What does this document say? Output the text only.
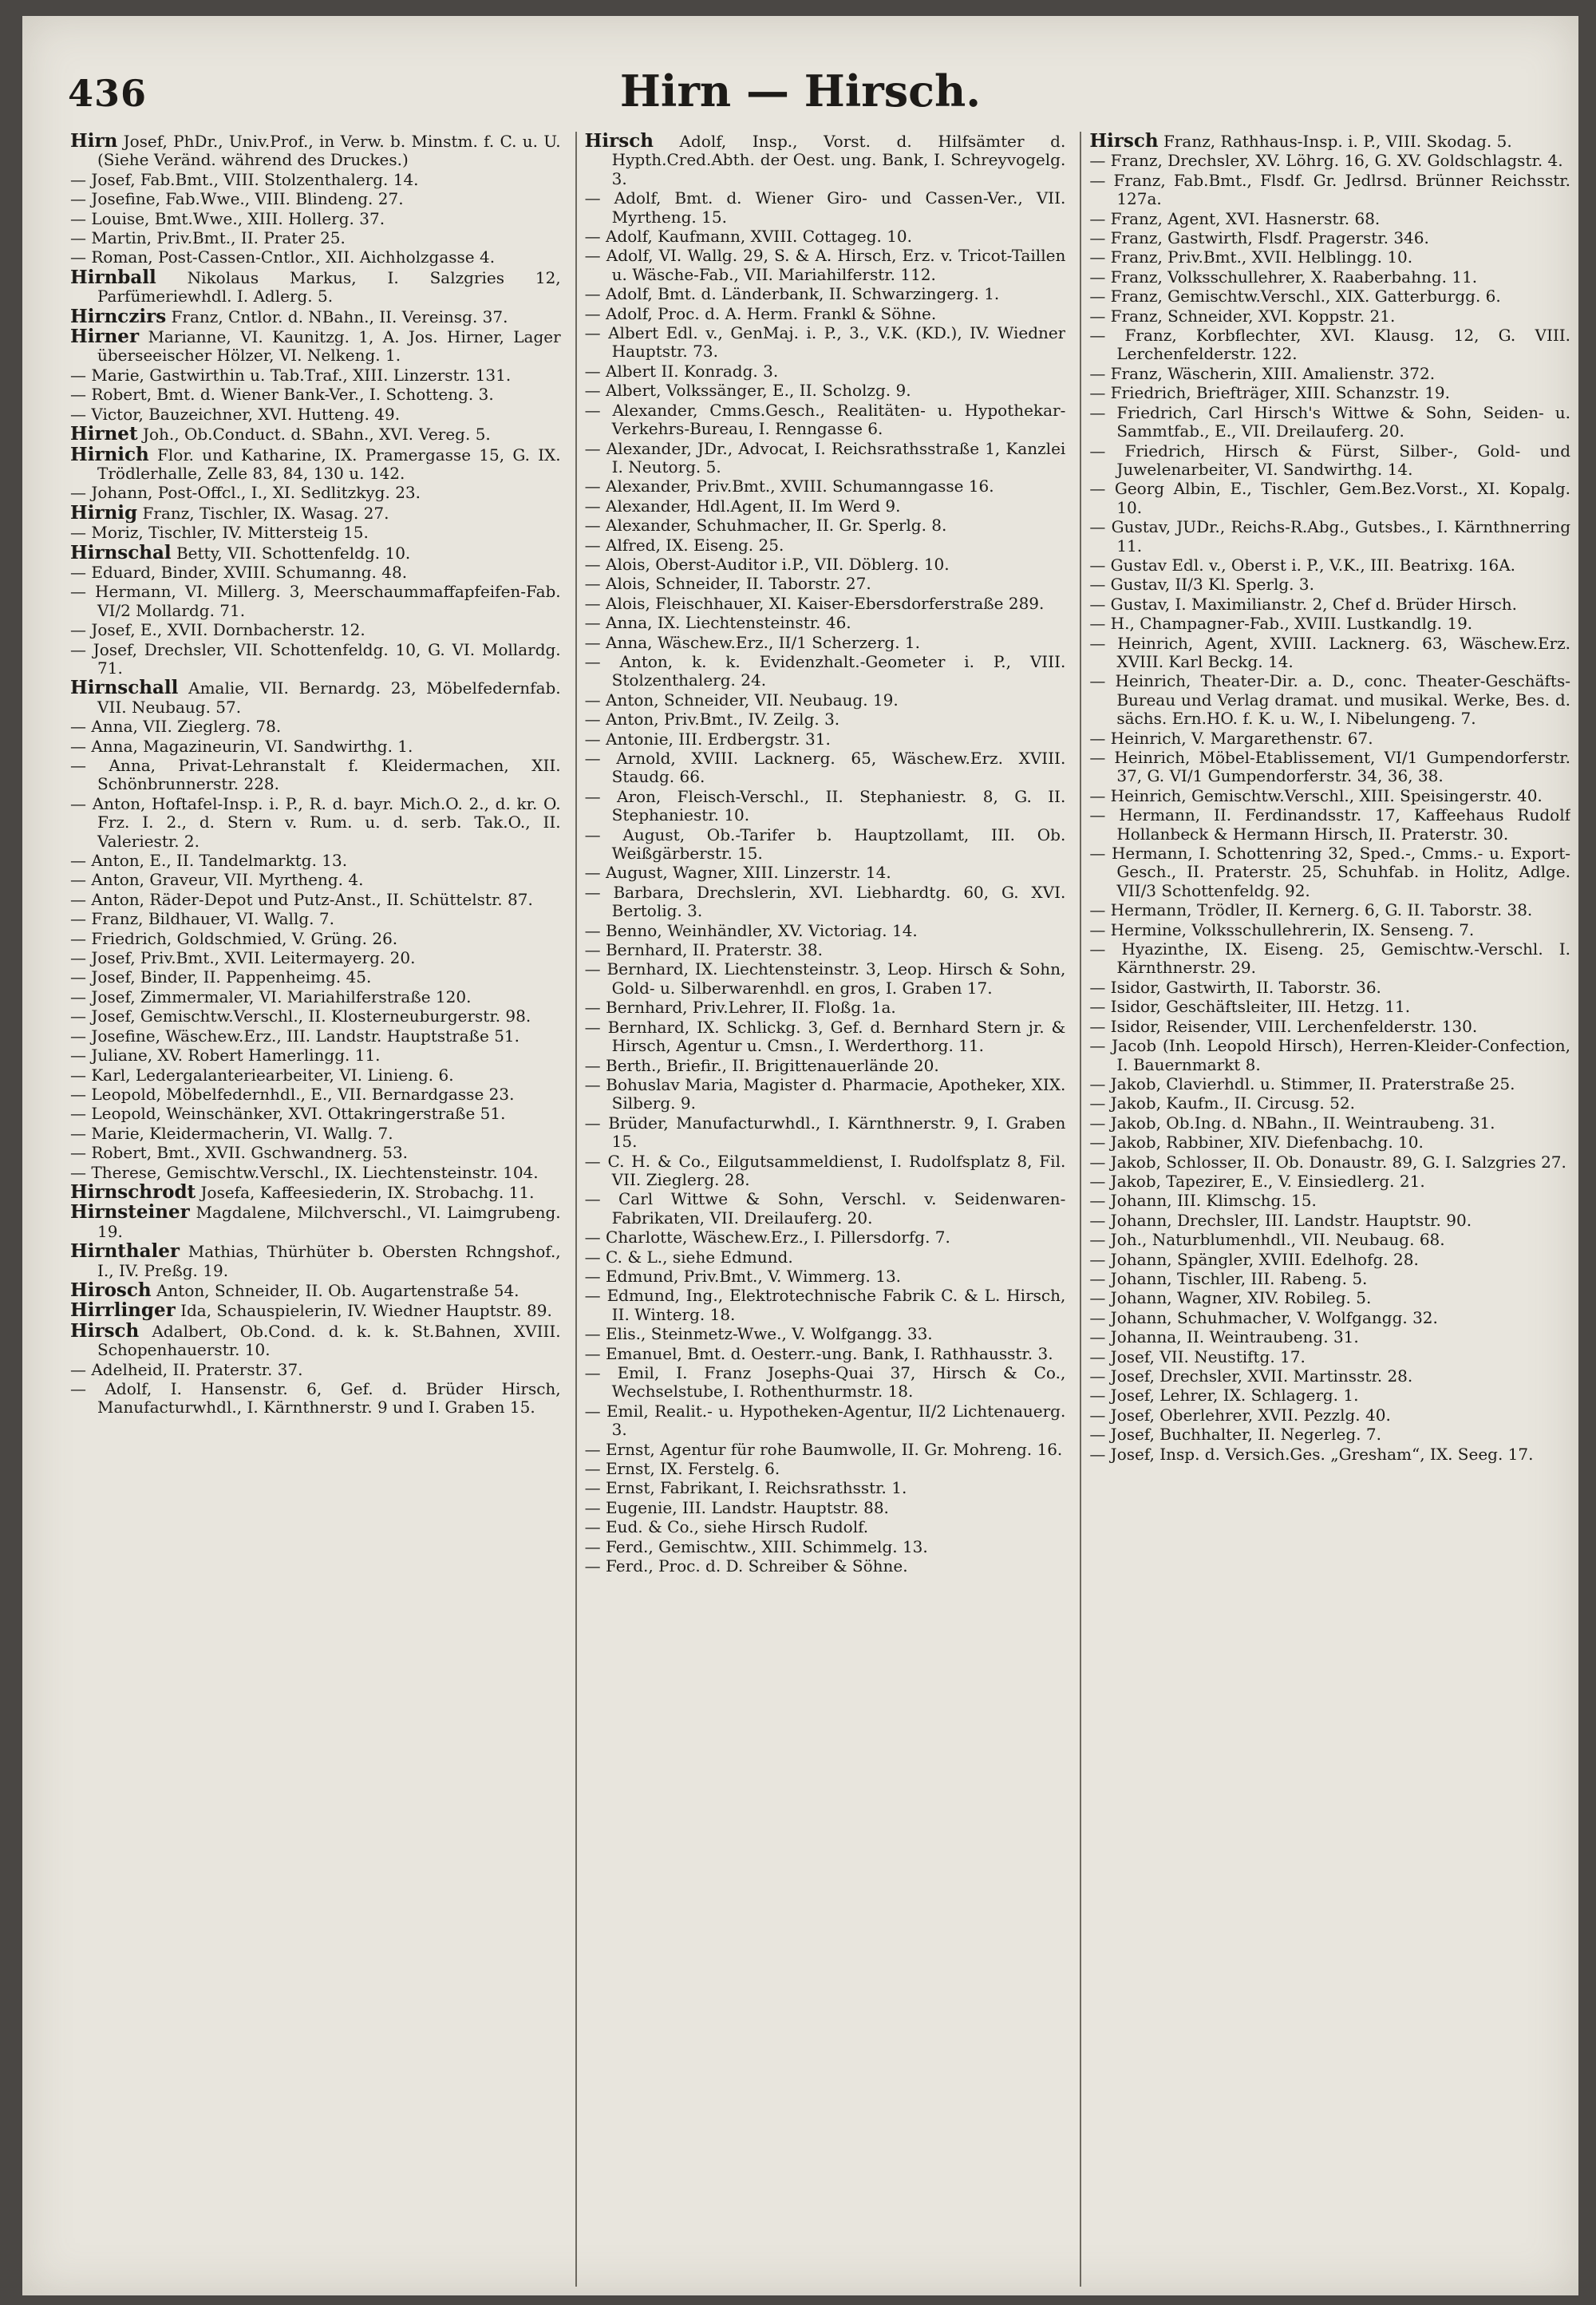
436	Hirn — Hirsch.
Hirn Josef, PhDr., Univ.Prof., in Verw. b. Minstm. f. C. u. U. (Siehe Veränd. während des Druckes.)
— Josef, Fab.Bmt., VIII. Stolzenthalerg. 14.
— Josefine, Fab.Wwe., VIII. Blindeng. 27.
— Louise, Bmt.Wwe., XIII. Hollerg. 37.
— Martin, Priv.Bmt., II. Prater 25.
— Roman, Post-Cassen-Cntlor., XII. Aichholzgasse 4.
Hirnball Nikolaus Markus, I. Salzgries 12, Parfümeriewhdl. I. Adlerg. 5.
Hirnczirs Franz, Cntlor. d. NBahn., II. Vereinsg. 37.
Hirner Marianne, VI. Kaunitzg. 1, A. Jos. Hirner, Lager überseeischer Hölzer, VI. Nelkeng. 1.
— Marie, Gastwirthin u. Tab.Traf., XIII. Linzerstr. 131.
— Robert, Bmt. d. Wiener Bank-Ver., I. Schotteng. 3.
— Victor, Bauzeichner, XVI. Hutteng. 49.
Hirnet Joh., Ob.Conduct. d. SBahn., XVI. Vereg. 5.
Hirnich Flor. und Katharine, IX. Pramergasse 15, G. IX. Trödlerhalle, Zelle 83, 84, 130 u. 142.
— Johann, Post-Offcl., I., XI. Sedlitzkyg. 23.
Hirnig Franz, Tischler, IX. Wasag. 27.
— Moriz, Tischler, IV. Mittersteig 15.
Hirnschal Betty, VII. Schottenfeldg. 10.
— Eduard, Binder, XVIII. Schumanng. 48.
— Hermann, VI. Millerg. 3, Meerschaummaffapfeifen-Fab. VI/2 Mollardg. 71.
— Josef, E., XVII. Dornbacherstr. 12.
— Josef, Drechsler, VII. Schottenfeldg. 10, G. VI. Mollardg. 71.
Hirnschall Amalie, VII. Bernardg. 23, Möbelfedernfab. VII. Neubaug. 57.
— Anna, VII. Zieglerg. 78.
— Anna, Magazineurin, VI. Sandwirthg. 1.
— Anna, Privat-Lehranstalt f. Kleidermachen, XII. Schönbrunnerstr. 228.
— Anton, Hoftafel-Insp. i. P., R. d. bayr. Mich.O. 2., d. kr. O. Frz. I. 2., d. Stern v. Rum. u. d. serb. Tak.O., II. Valeriestr. 2.
— Anton, E., II. Tandelmarktg. 13.
— Anton, Graveur, VII. Myrtheng. 4.
— Anton, Räder-Depot und Putz-Anst., II. Schüttelstr. 87.
— Franz, Bildhauer, VI. Wallg. 7.
— Friedrich, Goldschmied, V. Grüng. 26.
— Josef, Priv.Bmt., XVII. Leitermayerg. 20.
— Josef, Binder, II. Pappenheimg. 45.
— Josef, Zimmermaler, VI. Mariahilferstraße 120.
— Josef, Gemischtw.Verschl., II. Klosterneuburgerstr. 98.
— Josefine, Wäschew.Erz., III. Landstr. Hauptstraße 51.
— Juliane, XV. Robert Hamerlingg. 11.
— Karl, Ledergalanteriearbeiter, VI. Linieng. 6.
— Leopold, Möbelfedernhdl., E., VII. Bernardgasse 23.
— Leopold, Weinschänker, XVI. Ottakringerstraße 51.
— Marie, Kleidermacherin, VI. Wallg. 7.
— Robert, Bmt., XVII. Gschwandnerg. 53.
— Therese, Gemischtw.Verschl., IX. Liechtensteinstr. 104.
Hirnschrodt Josefa, Kaffeesiederin, IX. Strobachg. 11.
Hirnsteiner Magdalene, Milchverschl., VI. Laimgrubeng. 19.
Hirnthaler Mathias, Thürhüter b. Obersten Rchngshof., I., IV. Preßg. 19.
Hirosch Anton, Schneider, II. Ob. Augartenstraße 54.
Hirrlinger Ida, Schauspielerin, IV. Wiedner Hauptstr. 89.
Hirsch Adalbert, Ob.Cond. d. k. k. St.Bahnen, XVIII. Schopenhauerstr. 10.
— Adelheid, II. Praterstr. 37.
— Adolf, I. Hansenstr. 6, Gef. d. Brüder Hirsch, Manufacturwhdl., I. Kärnthnerstr. 9 und I. Graben 15.
Hirsch Adolf, Insp., Vorst. d. Hilfsämter d. Hypth.Cred.Abth. der Oest. ung. Bank, I. Schreyvogelg. 3.
— Adolf, Bmt. d. Wiener Giro- und Cassen-Ver., VII. Myrtheng. 15.
— Adolf, Kaufmann, XVIII. Cottageg. 10.
— Adolf, VI. Wallg. 29, S. & A. Hirsch, Erz. v. Tricot-Taillen u. Wäsche-Fab., VII. Mariahilferstr. 112.
— Adolf, Bmt. d. Länderbank, II. Schwarzingerg. 1.
— Adolf, Proc. d. A. Herm. Frankl & Söhne.
— Albert Edl. v., GenMaj. i. P., 3., V.K. (KD.), IV. Wiedner Hauptstr. 73.
— Albert II. Konradg. 3.
— Albert, Volkssänger, E., II. Scholzg. 9.
— Alexander, Cmms.Gesch., Realitäten- u. Hypothekar-Verkehrs-Bureau, I. Renngasse 6.
— Alexander, JDr., Advocat, I. Reichsrathsstraße 1, Kanzlei I. Neutorg. 5.
— Alexander, Priv.Bmt., XVIII. Schumanngasse 16.
— Alexander, Hdl.Agent, II. Im Werd 9.
— Alexander, Schuhmacher, II. Gr. Sperlg. 8.
— Alfred, IX. Eiseng. 25.
— Alois, Oberst-Auditor i.P., VII. Döblerg. 10.
— Alois, Schneider, II. Taborstr. 27.
— Alois, Fleischhauer, XI. Kaiser-Ebersdorferstraße 289.
— Anna, IX. Liechtensteinstr. 46.
— Anna, Wäschew.Erz., II/1 Scherzerg. 1.
— Anton, k. k. Evidenzhalt.-Geometer i. P., VIII. Stolzenthalerg. 24.
— Anton, Schneider, VII. Neubaug. 19.
— Anton, Priv.Bmt., IV. Zeilg. 3.
— Antonie, III. Erdbergstr. 31.
— Arnold, XVIII. Lacknerg. 65, Wäschew.Erz. XVIII. Staudg. 66.
— Aron, Fleisch-Verschl., II. Stephaniestr. 8, G. II. Stephaniestr. 10.
— August, Ob.-Tarifer b. Hauptzollamt, III. Ob. Weißgärberstr. 15.
— August, Wagner, XIII. Linzerstr. 14.
— Barbara, Drechslerin, XVI. Liebhardtg. 60, G. XVI. Bertolig. 3.
— Benno, Weinhändler, XV. Victoriag. 14.
— Bernhard, II. Praterstr. 38.
— Bernhard, IX. Liechtensteinstr. 3, Leop. Hirsch & Sohn, Gold- u. Silberwarenhdl. en gros, I. Graben 17.
— Bernhard, Priv.Lehrer, II. Floßg. 1a.
— Bernhard, IX. Schlickg. 3, Gef. d. Bernhard Stern jr. & Hirsch, Agentur u. Cmsn., I. Werderthorg. 11.
— Berth., Briefir., II. Brigittenauerlände 20.
— Bohuslav Maria, Magister d. Pharmacie, Apotheker, XIX. Silberg. 9.
— Brüder, Manufacturwhdl., I. Kärnthnerstr. 9, I. Graben 15.
— C. H. & Co., Eilgutsammeldienst, I. Rudolfsplatz 8, Fil. VII. Zieglerg. 28.
— Carl Wittwe & Sohn, Verschl. v. Seidenwaren-Fabrikaten, VII. Dreilauferg. 20.
— Charlotte, Wäschew.Erz., I. Pillersdorfg. 7.
— C. & L., siehe Edmund.
— Edmund, Priv.Bmt., V. Wimmerg. 13.
— Edmund, Ing., Elektrotechnische Fabrik C. & L. Hirsch, II. Winterg. 18.
— Elis., Steinmetz-Wwe., V. Wolfgangg. 33.
— Emanuel, Bmt. d. Oesterr.-ung. Bank, I. Rathhausstr. 3.
— Emil, I. Franz Josephs-Quai 37, Hirsch & Co., Wechselstube, I. Rothenthurmstr. 18.
— Emil, Realit.- u. Hypotheken-Agentur, II/2 Lichtenauerg. 3.
— Ernst, Agentur für rohe Baumwolle, II. Gr. Mohreng. 16.
— Ernst, IX. Ferstelg. 6.
— Ernst, Fabrikant, I. Reichsrathsstr. 1.
— Eugenie, III. Landstr. Hauptstr. 88.
— Eud. & Co., siehe Hirsch Rudolf.
— Ferd., Gemischtw., XIII. Schimmelg. 13.
— Ferd., Proc. d. D. Schreiber & Söhne.
Hirsch Franz, Rathhaus-Insp. i. P., VIII. Skodag. 5.
— Franz, Drechsler, XV. Löhrg. 16, G. XV. Goldschlagstr. 4.
— Franz, Fab.Bmt., Flsdf. Gr. Jedlrsd. Brünner Reichsstr. 127a.
— Franz, Agent, XVI. Hasnerstr. 68.
— Franz, Gastwirth, Flsdf. Pragerstr. 346.
— Franz, Priv.Bmt., XVII. Helblingg. 10.
— Franz, Volksschullehrer, X. Raaberbahng. 11.
— Franz, Gemischtw.Verschl., XIX. Gatterburgg. 6.
— Franz, Schneider, XVI. Koppstr. 21.
— Franz, Korbflechter, XVI. Klausg. 12, G. VIII. Lerchenfelderstr. 122.
— Franz, Wäscherin, XIII. Amalienstr. 372.
— Friedrich, Briefträger, XIII. Schanzstr. 19.
— Friedrich, Carl Hirsch's Wittwe & Sohn, Seiden- u. Sammtfab., E., VII. Dreilauferg. 20.
— Friedrich, Hirsch & Fürst, Silber-, Gold- und Juwelenarbeiter, VI. Sandwirthg. 14.
— Georg Albin, E., Tischler, Gem.Bez.Vorst., XI. Kopalg. 10.
— Gustav, JUDr., Reichs-R.Abg., Gutsbes., I. Kärnthnerring 11.
— Gustav Edl. v., Oberst i. P., V.K., III. Beatrixg. 16A.
— Gustav, II/3 Kl. Sperlg. 3.
— Gustav, I. Maximilianstr. 2, Chef d. Brüder Hirsch.
— H., Champagner-Fab., XVIII. Lustkandlg. 19.
— Heinrich, Agent, XVIII. Lacknerg. 63, Wäschew.Erz. XVIII. Karl Beckg. 14.
— Heinrich, Theater-Dir. a. D., conc. Theater-Geschäfts-Bureau und Verlag dramat. und musikal. Werke, Bes. d. sächs. Ern.HO. f. K. u. W., I. Nibelungeng. 7.
— Heinrich, V. Margarethenstr. 67.
— Heinrich, Möbel-Etablissement, VI/1 Gumpendorferstr. 37, G. VI/1 Gumpendorferstr. 34, 36, 38.
— Heinrich, Gemischtw.Verschl., XIII. Speisingerstr. 40.
— Hermann, II. Ferdinandsstr. 17, Kaffeehaus Rudolf Hollanbeck & Hermann Hirsch, II. Praterstr. 30.
— Hermann, I. Schottenring 32, Sped.-, Cmms.- u. Export-Gesch., II. Praterstr. 25, Schuhfab. in Holitz, Adlge. VII/3 Schottenfeldg. 92.
— Hermann, Trödler, II. Kernerg. 6, G. II. Taborstr. 38.
— Hermine, Volksschullehrerin, IX. Senseng. 7.
— Hyazinthe, IX. Eiseng. 25, Gemischtw.-Verschl. I. Kärnthnerstr. 29.
— Isidor, Gastwirth, II. Taborstr. 36.
— Isidor, Geschäftsleiter, III. Hetzg. 11.
— Isidor, Reisender, VIII. Lerchenfelderstr. 130.
— Jacob (Inh. Leopold Hirsch), Herren-Kleider-Confection, I. Bauernmarkt 8.
— Jakob, Clavierhdl. u. Stimmer, II. Praterstraße 25.
— Jakob, Kaufm., II. Circusg. 52.
— Jakob, Ob.Ing. d. NBahn., II. Weintraubeng. 31.
— Jakob, Rabbiner, XIV. Diefenbachg. 10.
— Jakob, Schlosser, II. Ob. Donaustr. 89, G. I. Salzgries 27.
— Jakob, Tapezirer, E., V. Einsiedlerg. 21.
— Johann, III. Klimschg. 15.
— Johann, Drechsler, III. Landstr. Hauptstr. 90.
— Joh., Naturblumenhdl., VII. Neubaug. 68.
— Johann, Spängler, XVIII. Edelhofg. 28.
— Johann, Tischler, III. Rabeng. 5.
— Johann, Wagner, XIV. Robileg. 5.
— Johann, Schuhmacher, V. Wolfgangg. 32.
— Johanna, II. Weintraubeng. 31.
— Josef, VII. Neustiftg. 17.
— Josef, Drechsler, XVII. Martinsstr. 28.
— Josef, Lehrer, IX. Schlagerg. 1.
— Josef, Oberlehrer, XVII. Pezzlg. 40.
— Josef, Buchhalter, II. Negerleg. 7.
— Josef, Insp. d. Versich.Ges. „Gresham“, IX. Seeg. 17.
